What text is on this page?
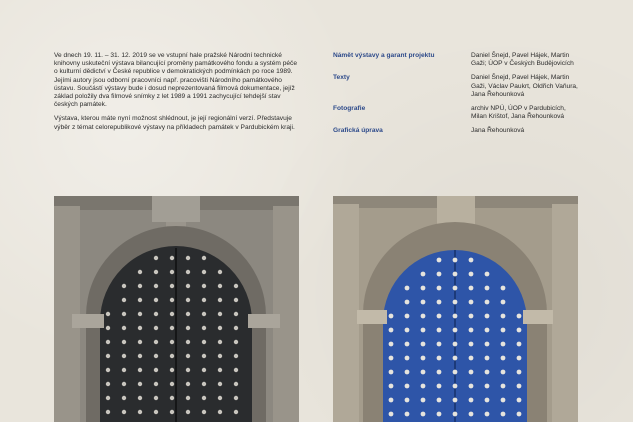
Ve dnech 19. 11. – 31. 12. 2019 se ve vstupní hale pražské Národní technické knihovny uskuteční výstava bilancující proměny památkového fondu a systém péče o kulturní dědictví v České republice v demokratických podmínkách po roce 1989. Jejími autory jsou odborní pracovníci např. pracovišti Národního památkového ústavu. Součástí výstavy bude i dosud neprezentovaná filmová dokumentace, jejíž základ položily dva filmové snímky z let 1989 a 1991 zachycující tehdejší stav českých památek.

Výstava, kterou máte nyní možnost shlédnout, je její regionální verzí. Představuje výběr z témat celorepublikové výstavy na příkladech památek v Pardubickém kraji.

Námět výstavy a garant projektu	Daniel Šnejd, Pavel Hájek, Martin Gaži; ÚOP v Českých Budějovicích
Texty	Daniel Šnejd, Pavel Hájek, Martin Gaži, Václav Paukrt, Oldřich Vaňura, Jana Řehounková
Fotografie	archiv NPÚ, ÚOP v Pardubicích, Milan Krištof, Jana Řehounková
Grafická úprava	Jana Řehounková
